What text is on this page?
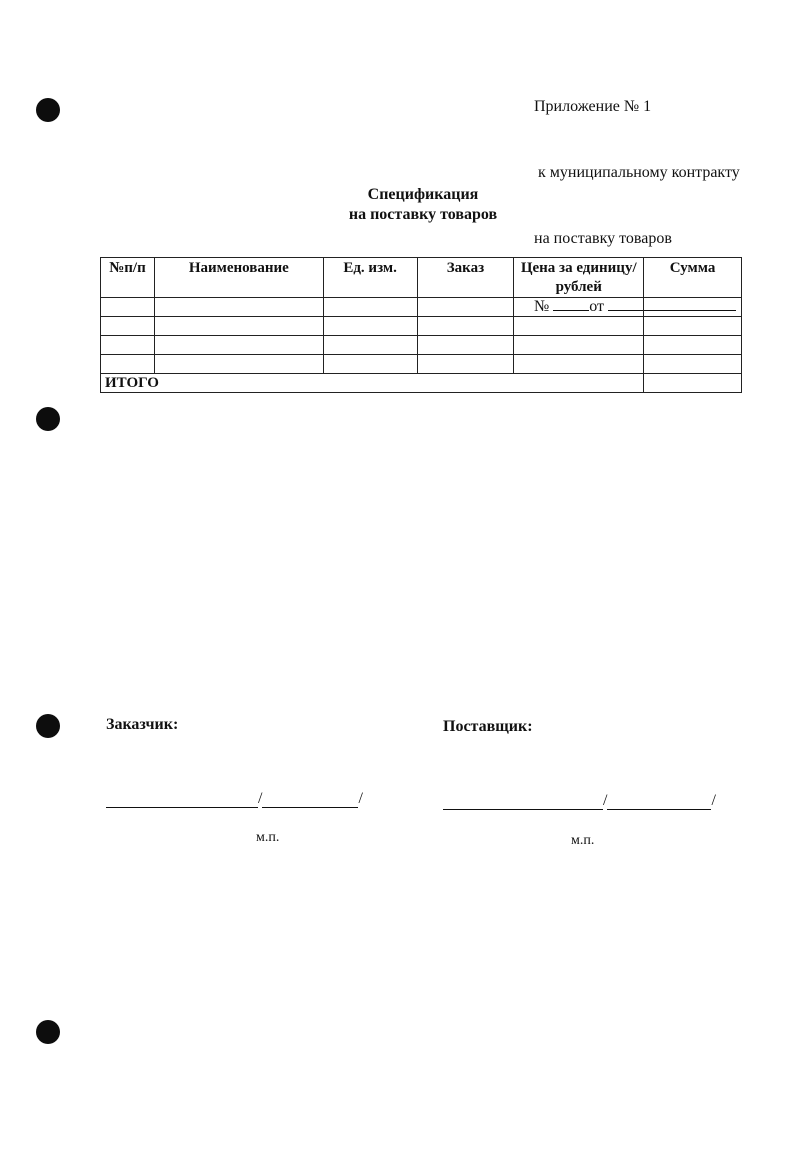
Приложение № 1

к муниципальному контракту

на поставку товаров

№	от

Спецификация
на поставку товаров
№п/п	Наименование	Ед. изм.	Заказ	Цена за единицу/рублей	Сумма

ИТОГО					
Заказчик:	Поставщик:
/	/	/	/
м.п.	м.п.
